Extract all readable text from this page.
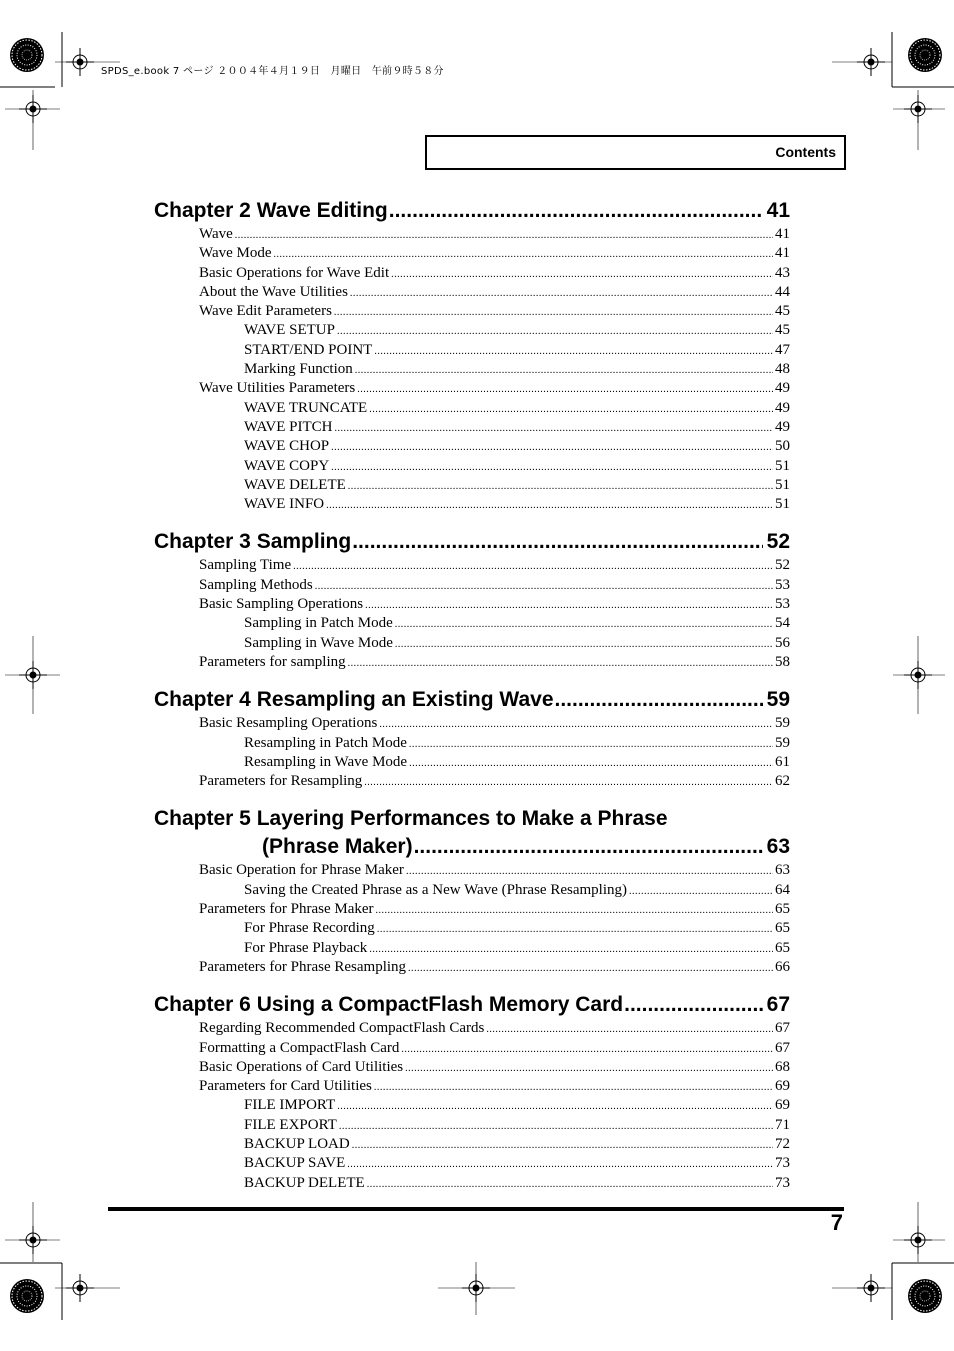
SPDS_e.book 7 ページ ２００４年４月１９日　月曜日　午前９時５８分
Contents
Chapter 2 Wave Editing .....	41
Wave .....	41
Wave Mode .....	41
Basic Operations for Wave Edit .....	43
About the Wave Utilities .....	44
Wave Edit Parameters .....	45
WAVE SETUP .....	45
START/END POINT .....	47
Marking Function .....	48
Wave Utilities Parameters .....	49
WAVE TRUNCATE .....	49
WAVE PITCH .....	49
WAVE CHOP .....	50
WAVE COPY .....	51
WAVE DELETE .....	51
WAVE INFO .....	51
Chapter 3 Sampling .....	52
Sampling Time .....	52
Sampling Methods .....	53
Basic Sampling Operations .....	53
Sampling in Patch Mode .....	54
Sampling in Wave Mode .....	56
Parameters for sampling .....	58
Chapter 4 Resampling an Existing Wave .....	59
Basic Resampling Operations .....	59
Resampling in Patch Mode .....	59
Resampling in Wave Mode .....	61
Parameters for Resampling .....	62
Chapter 5 Layering Performances to Make a Phrase
(Phrase Maker) .....	63
Basic Operation for Phrase Maker .....	63
Saving the Created Phrase as a New Wave (Phrase Resampling) .....	64
Parameters for Phrase Maker .....	65
For Phrase Recording .....	65
For Phrase Playback .....	65
Parameters for Phrase Resampling .....	66
Chapter 6 Using a CompactFlash Memory Card .....	67
Regarding Recommended CompactFlash Cards .....	67
Formatting a CompactFlash Card .....	67
Basic Operations of Card Utilities .....	68
Parameters for Card Utilities .....	69
FILE IMPORT .....	69
FILE EXPORT .....	71
BACKUP LOAD .....	72
BACKUP SAVE .....	73
BACKUP DELETE .....	73
7
